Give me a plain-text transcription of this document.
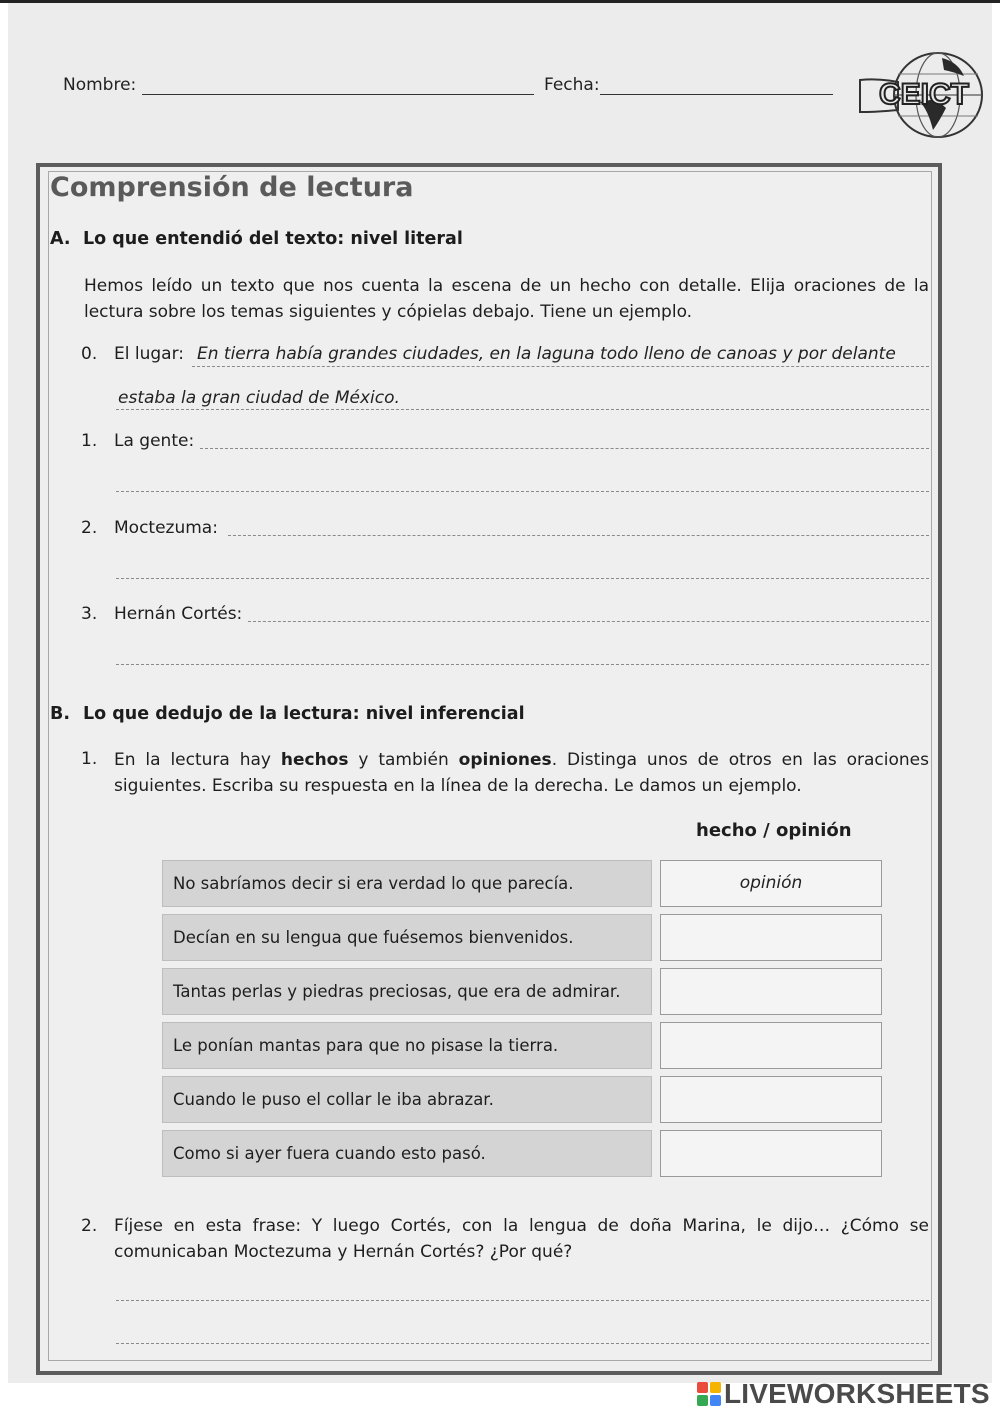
Nombre:	Fecha:	CEICT
Comprensión de lectura
A. Lo que entendió del texto: nivel literal
Hemos leído un texto que nos cuenta la escena de un hecho con detalle. Elija oraciones de la lectura sobre los temas siguientes y cópielas debajo. Tiene un ejemplo.
0. El lugar: En tierra había grandes ciudades, en la laguna todo lleno de canoas y por delante
estaba la gran ciudad de México.
1. La gente:
2. Moctezuma:
3. Hernán Cortés:
B. Lo que dedujo de la lectura: nivel inferencial
1. En la lectura hay hechos y también opiniones. Distinga unos de otros en las oraciones siguientes. Escriba su respuesta en la línea de la derecha. Le damos un ejemplo.
hecho / opinión
No sabríamos decir si era verdad lo que parecía.	opinión
Decían en su lengua que fuésemos bienvenidos.
Tantas perlas y piedras preciosas, que era de admirar.
Le ponían mantas para que no pisase la tierra.
Cuando le puso el collar le iba abrazar.
Como si ayer fuera cuando esto pasó.
2. Fíjese en esta frase: Y luego Cortés, con la lengua de doña Marina, le dijo… ¿Cómo se comunicaban Moctezuma y Hernán Cortés? ¿Por qué?
LIVEWORKSHEETS
